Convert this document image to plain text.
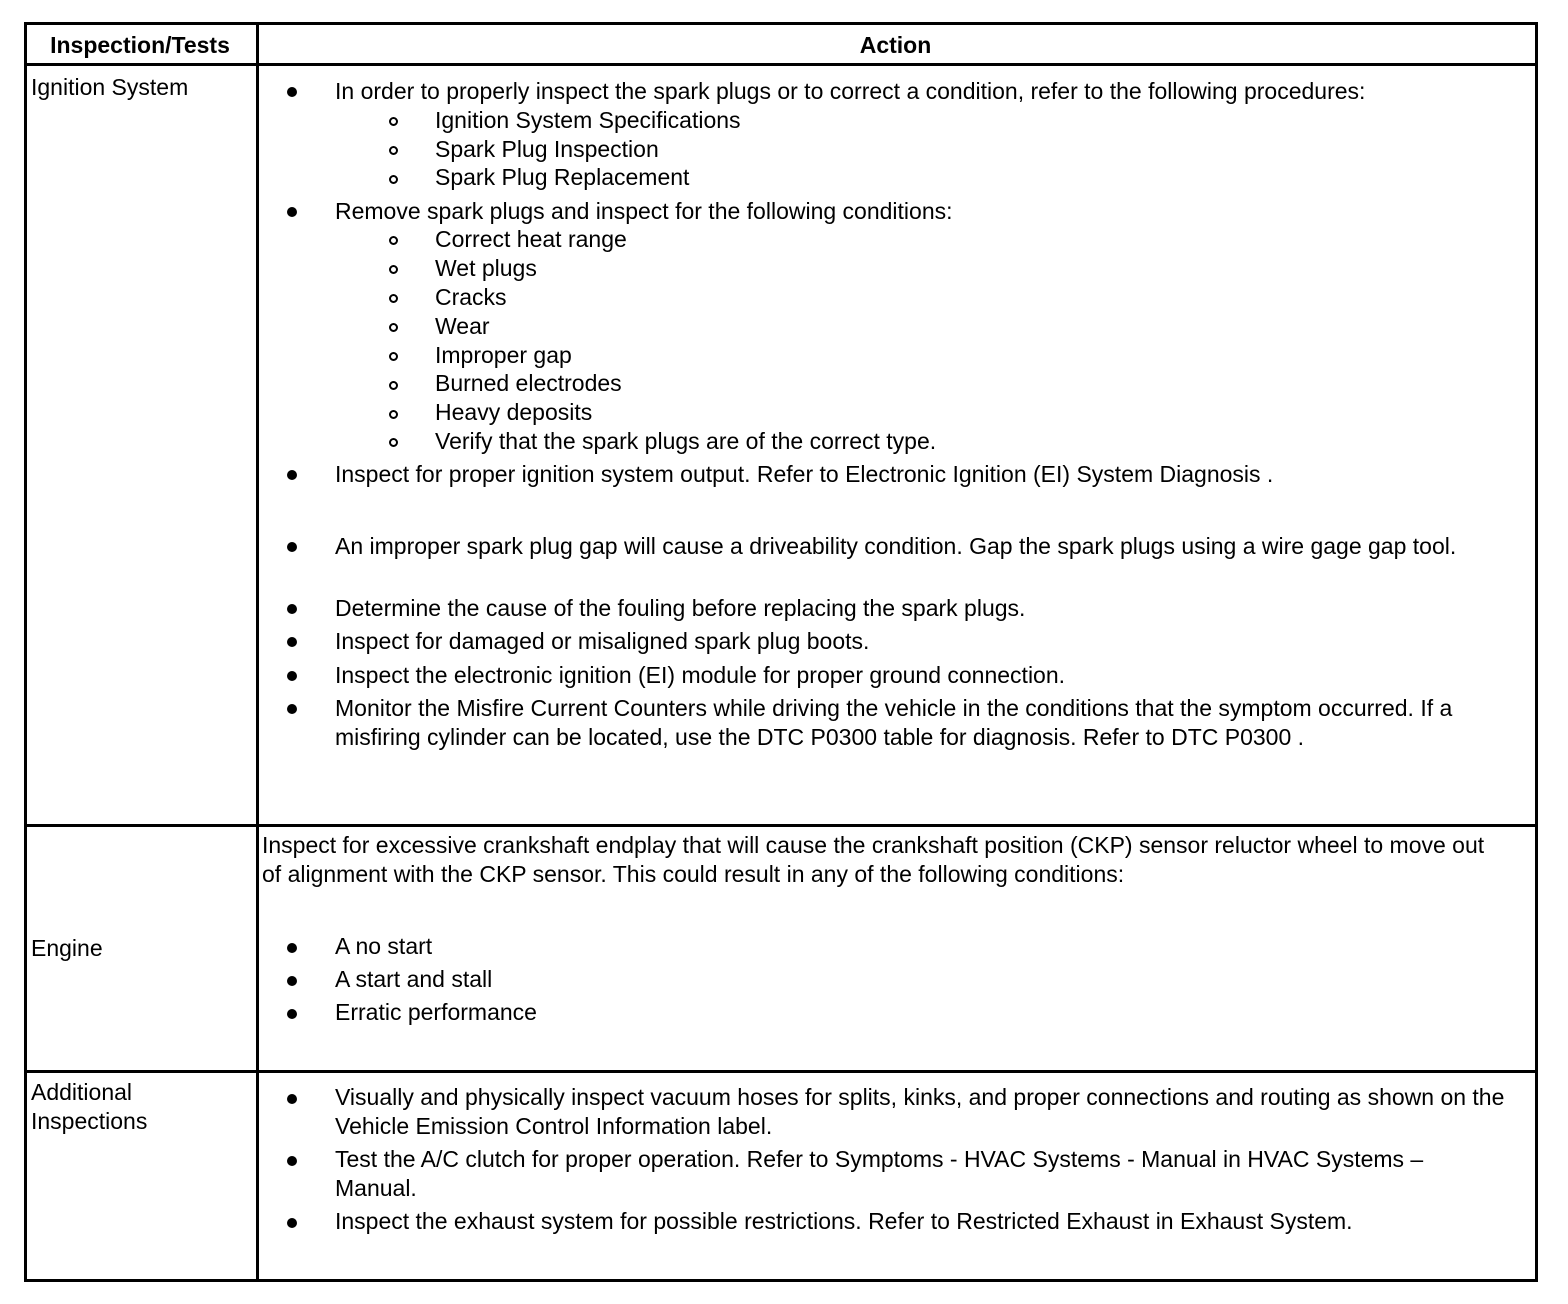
Inspection/Tests	Action
Ignition System	In order to properly inspect the spark plugs or to correct a condition, refer to the following procedures:
Ignition System Specifications
Spark Plug Inspection
Spark Plug Replacement
Remove spark plugs and inspect for the following conditions:
Correct heat range
Wet plugs
Cracks
Wear
Improper gap
Burned electrodes
Heavy deposits
Verify that the spark plugs are of the correct type.
Inspect for proper ignition system output. Refer to Electronic Ignition (EI) System Diagnosis .
An improper spark plug gap will cause a driveability condition. Gap the spark plugs using a wire gage gap tool.
Determine the cause of the fouling before replacing the spark plugs.
Inspect for damaged or misaligned spark plug boots.
Inspect the electronic ignition (EI) module for proper ground connection.
Monitor the Misfire Current Counters while driving the vehicle in the conditions that the symptom occurred. If a misfiring cylinder can be located, use the DTC P0300 table for diagnosis. Refer to DTC P0300 .
Engine
Inspect for excessive crankshaft endplay that will cause the crankshaft position (CKP) sensor reluctor wheel to move out of alignment with the CKP sensor. This could result in any of the following conditions:
A no start
A start and stall
Erratic performance
Additional Inspections
Visually and physically inspect vacuum hoses for splits, kinks, and proper connections and routing as shown on the Vehicle Emission Control Information label.
Test the A/C clutch for proper operation. Refer to Symptoms - HVAC Systems - Manual in HVAC Systems – Manual.
Inspect the exhaust system for possible restrictions. Refer to Restricted Exhaust in Exhaust System.
